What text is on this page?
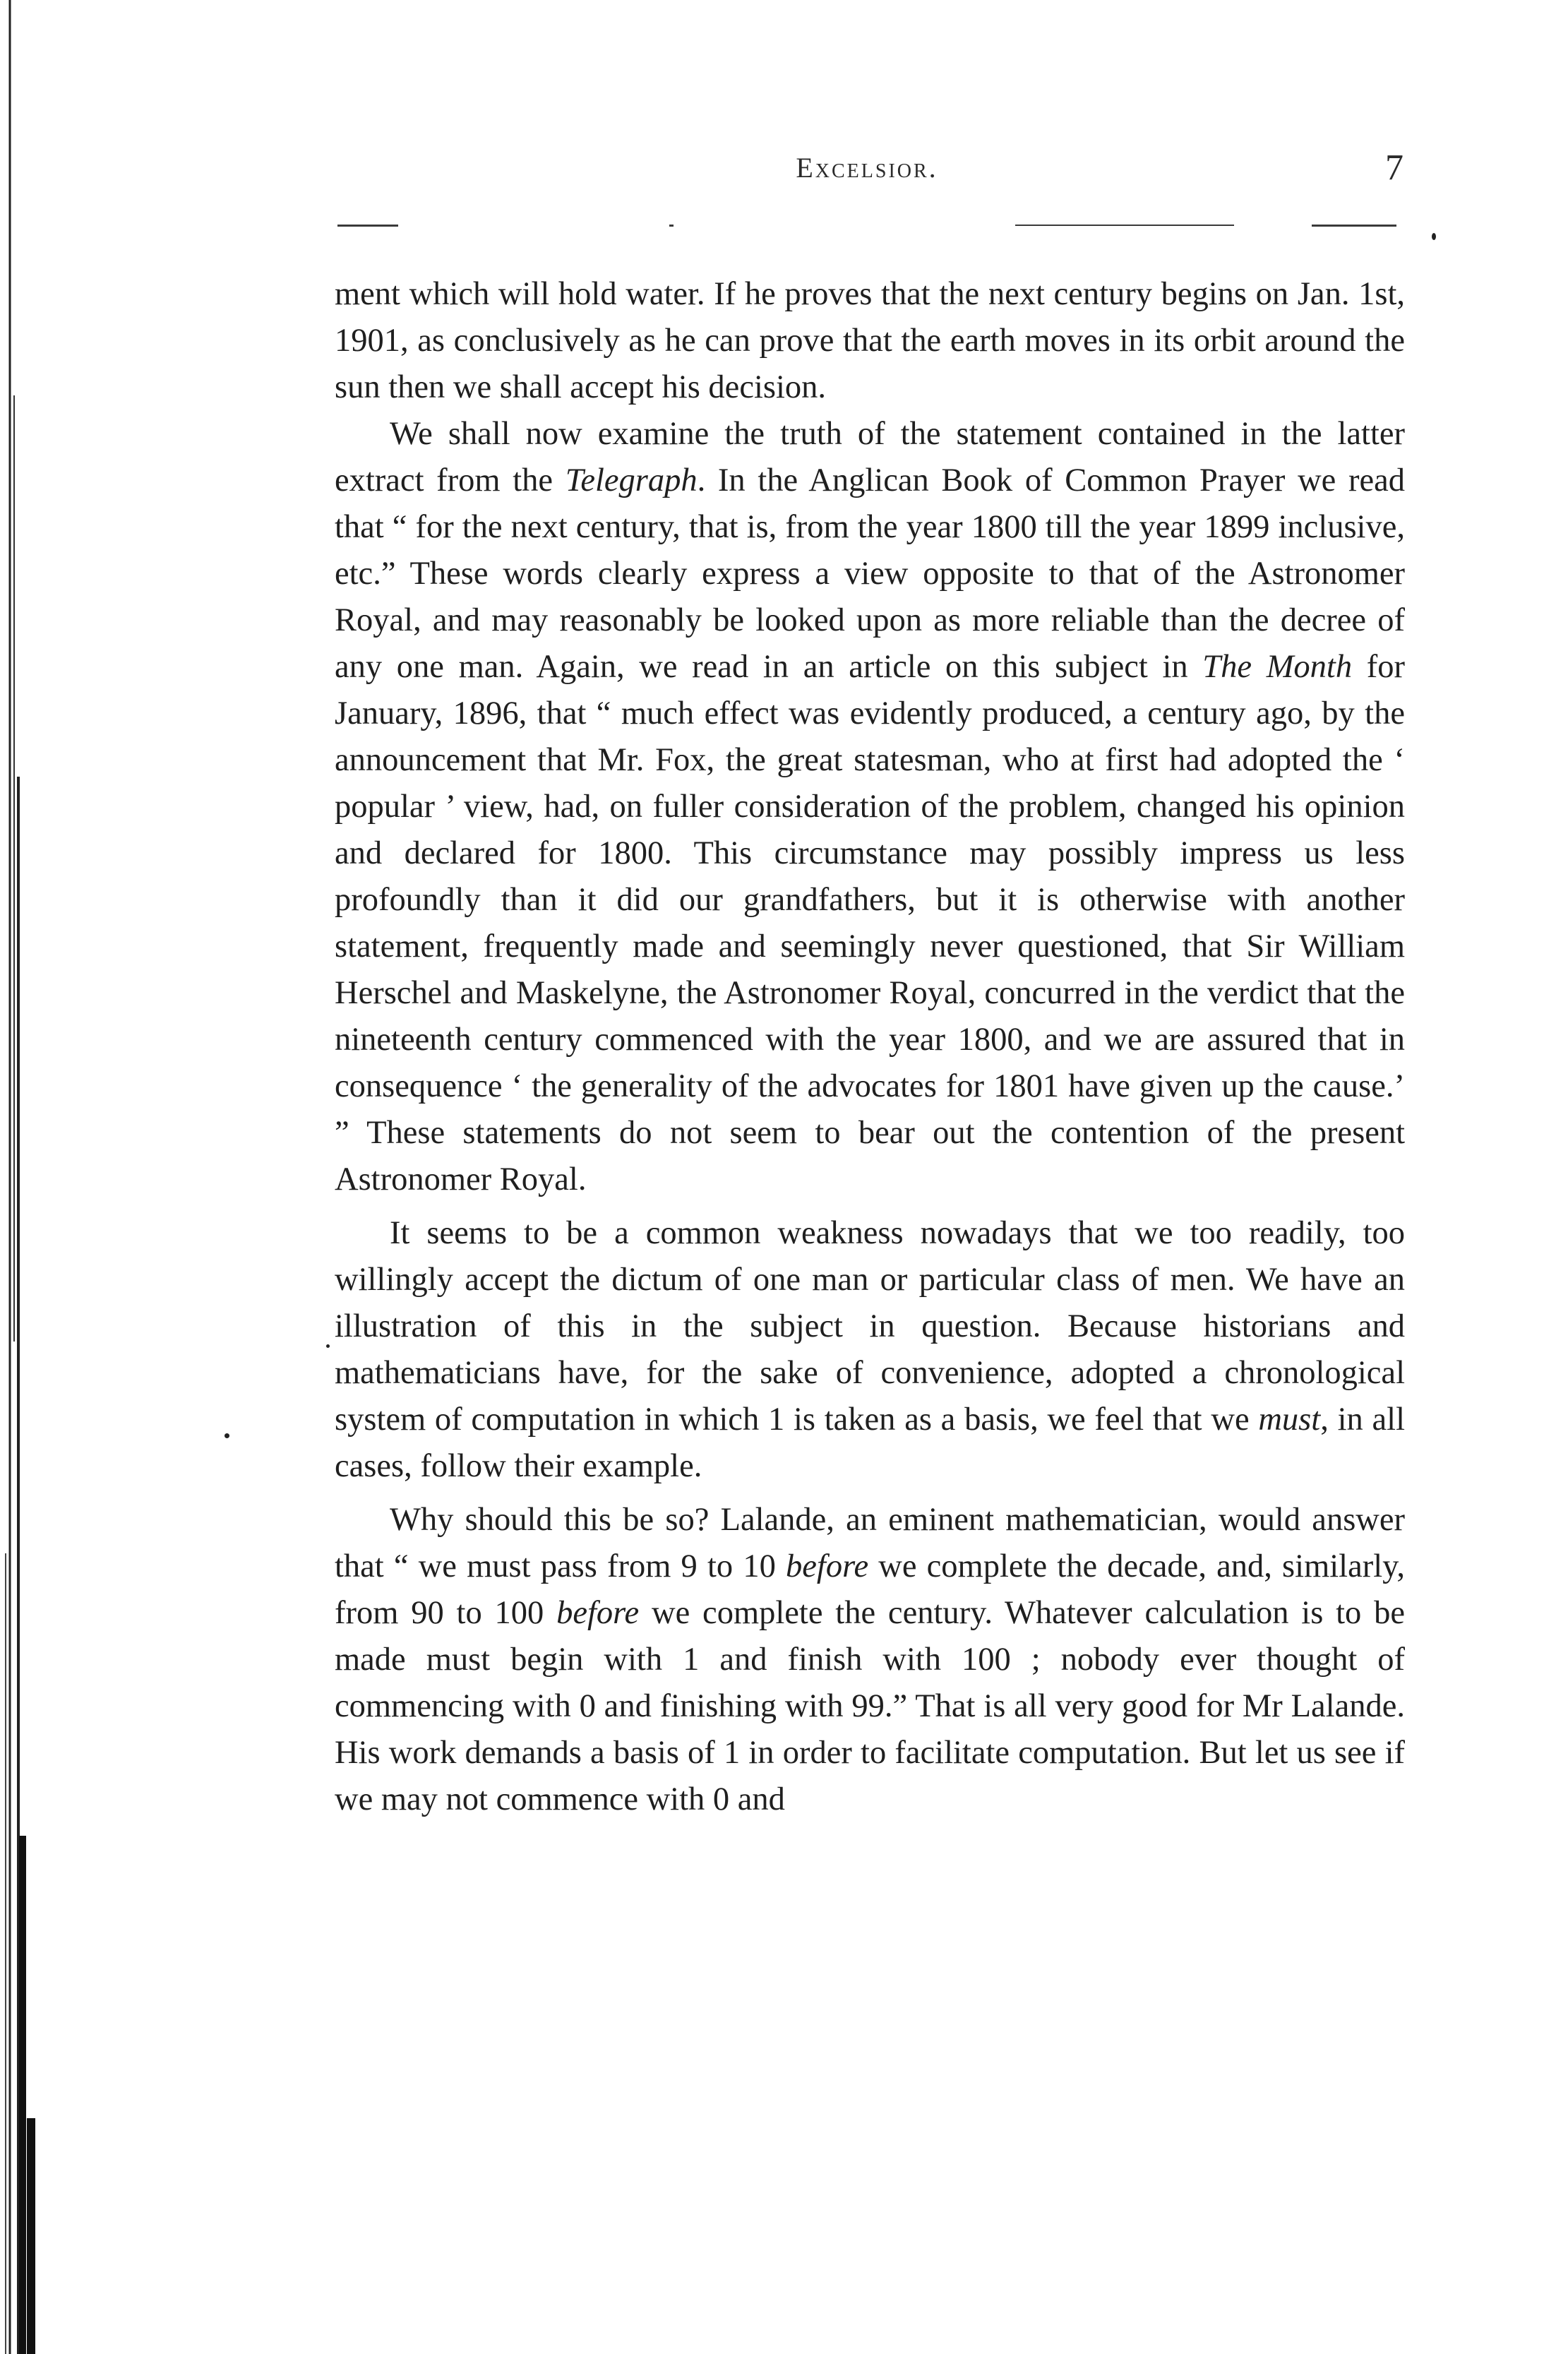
Excelsior.	7

ment which will hold water. If he proves that the next century begins on Jan. 1st, 1901, as conclusively as he can prove that the earth moves in its orbit around the sun then we shall accept his decision.

We shall now examine the truth of the statement contained in the latter extract from the Telegraph. In the Anglican Book of Common Prayer we read that “ for the next century, that is, from the year 1800 till the year 1899 inclusive, etc.” These words clearly express a view opposite to that of the Astronomer Royal, and may reasonably be looked upon as more reliable than the decree of any one man. Again, we read in an article on this subject in The Month for January, 1896, that “ much effect was evidently produced, a century ago, by the announcement that Mr. Fox, the great statesman, who at first had adopted the ‘ popular ’ view, had, on fuller consideration of the problem, changed his opinion and declared for 1800. This circumstance may possibly impress us less profoundly than it did our grandfathers, but it is otherwise with another statement, frequently made and seemingly never questioned, that Sir William Herschel and Maskelyne, the Astronomer Royal, concurred in the verdict that the nineteenth century commenced with the year 1800, and we are assured that in consequence ‘ the generality of the advocates for 1801 have given up the cause.’ ” These statements do not seem to bear out the contention of the present Astronomer Royal.

It seems to be a common weakness nowadays that we too readily, too willingly accept the dictum of one man or particular class of men. We have an illustration of this in the subject in question. Because historians and mathematicians have, for the sake of convenience, adopted a chronological system of computation in which 1 is taken as a basis, we feel that we must, in all cases, follow their example.

Why should this be so? Lalande, an eminent mathematician, would answer that “ we must pass from 9 to 10 before we complete the decade, and, similarly, from 90 to 100 before we complete the century. Whatever calculation is to be made must begin with 1 and finish with 100 ; nobody ever thought of commencing with 0 and finishing with 99.” That is all very good for Mr Lalande. His work demands a basis of 1 in order to facilitate computation. But let us see if we may not commence with 0 and
